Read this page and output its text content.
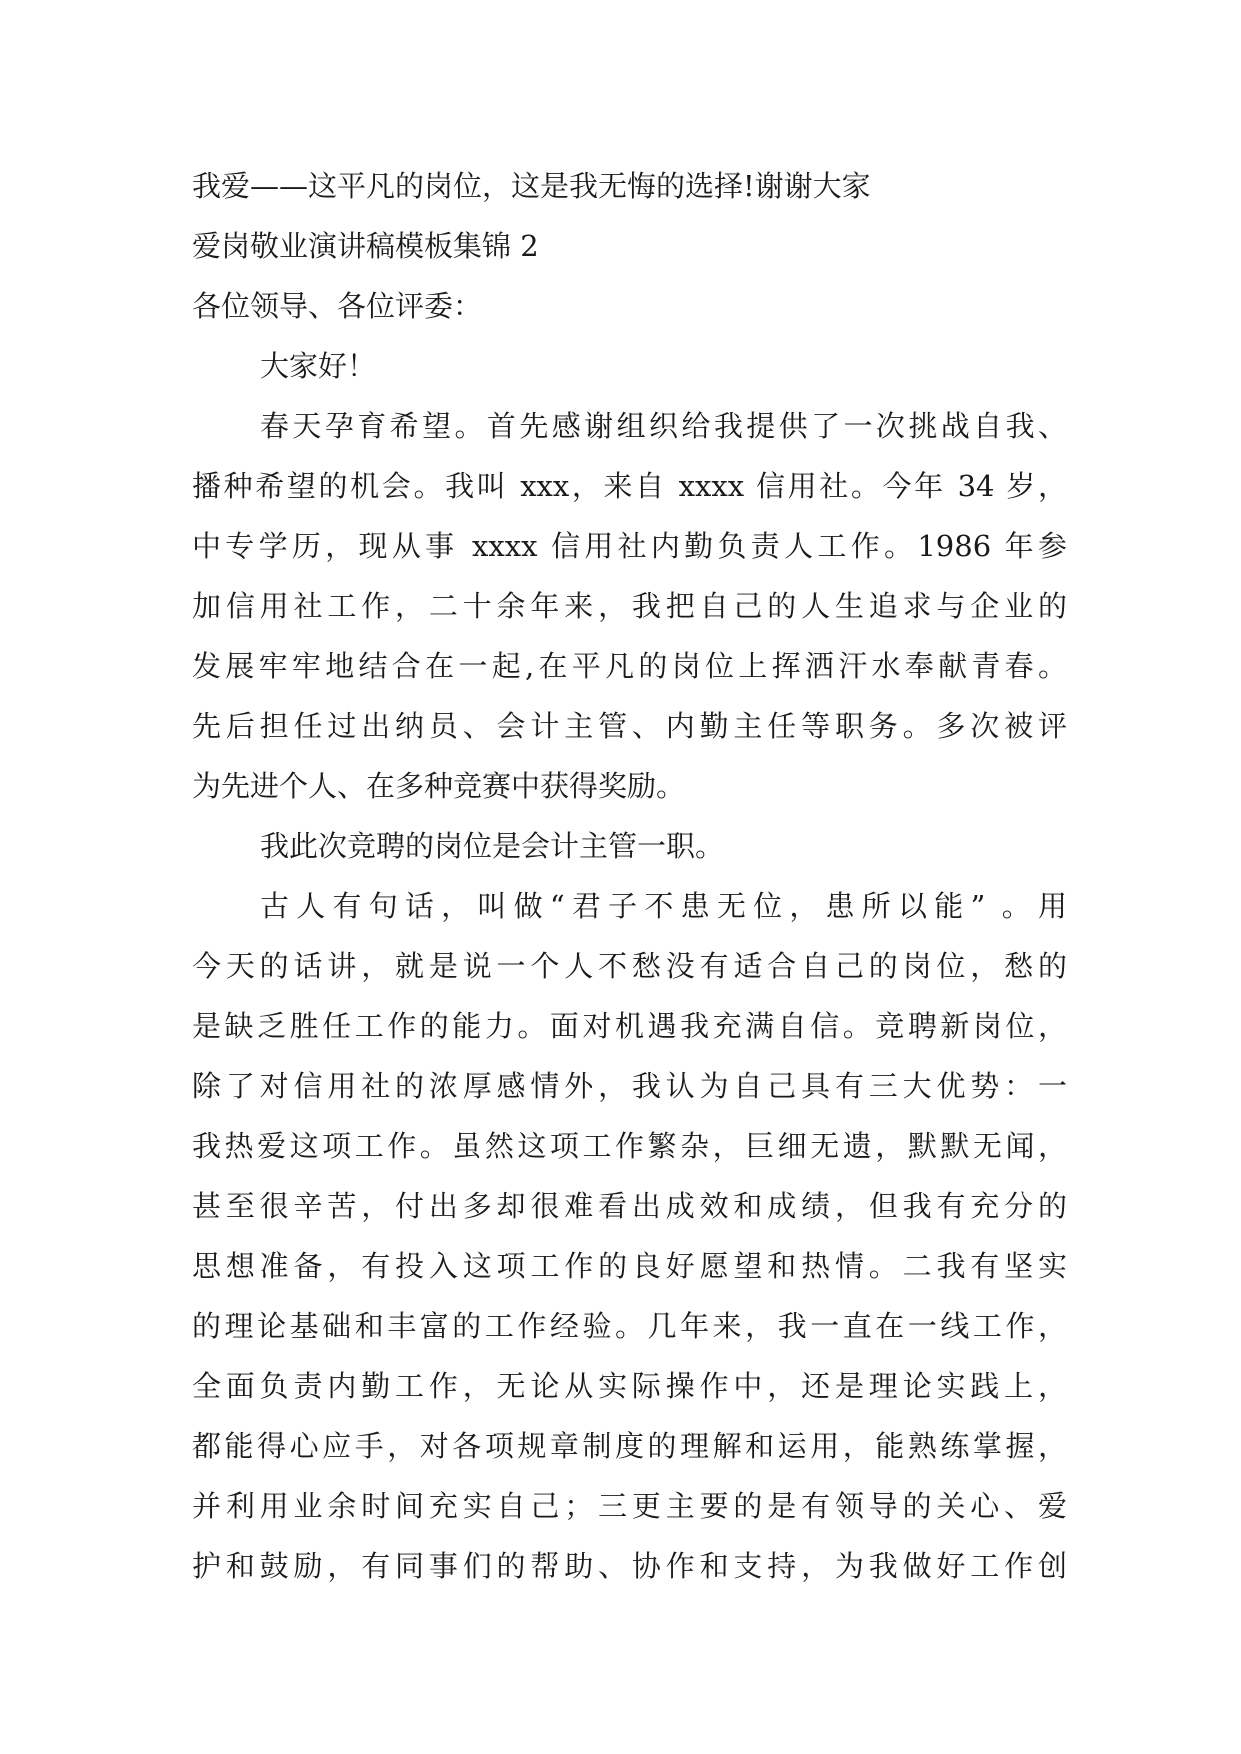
我爱——这平凡的岗位，这是我无悔的选择!谢谢大家
爱岗敬业演讲稿模板集锦 2
各位领导、各位评委：
大家好！
春天孕育希望。首先感谢组织给我提供了一次挑战自我、
播种希望的机会。我叫 xxx，来自 xxxx 信用社。今年 34 岁，
中专学历，现从事 xxxx 信用社内勤负责人工作。1986 年参
加信用社工作，二十余年来，我把自己的人生追求与企业的
发展牢牢地结合在一起,在平凡的岗位上挥洒汗水奉献青春。
先后担任过出纳员、会计主管、内勤主任等职务。多次被评
为先进个人、在多种竞赛中获得奖励。
我此次竞聘的岗位是会计主管一职。
古人有句话，叫做“君子不患无位，患所以能” 。用
今天的话讲，就是说一个人不愁没有适合自己的岗位，愁的
是缺乏胜任工作的能力。面对机遇我充满自信。竞聘新岗位，
除了对信用社的浓厚感情外，我认为自己具有三大优势：一
我热爱这项工作。虽然这项工作繁杂，巨细无遗，默默无闻，
甚至很辛苦，付出多却很难看出成效和成绩，但我有充分的
思想准备，有投入这项工作的良好愿望和热情。二我有坚实
的理论基础和丰富的工作经验。几年来，我一直在一线工作，
全面负责内勤工作，无论从实际操作中，还是理论实践上，
都能得心应手，对各项规章制度的理解和运用，能熟练掌握，
并利用业余时间充实自己；三更主要的是有领导的关心、爱
护和鼓励，有同事们的帮助、协作和支持，为我做好工作创
